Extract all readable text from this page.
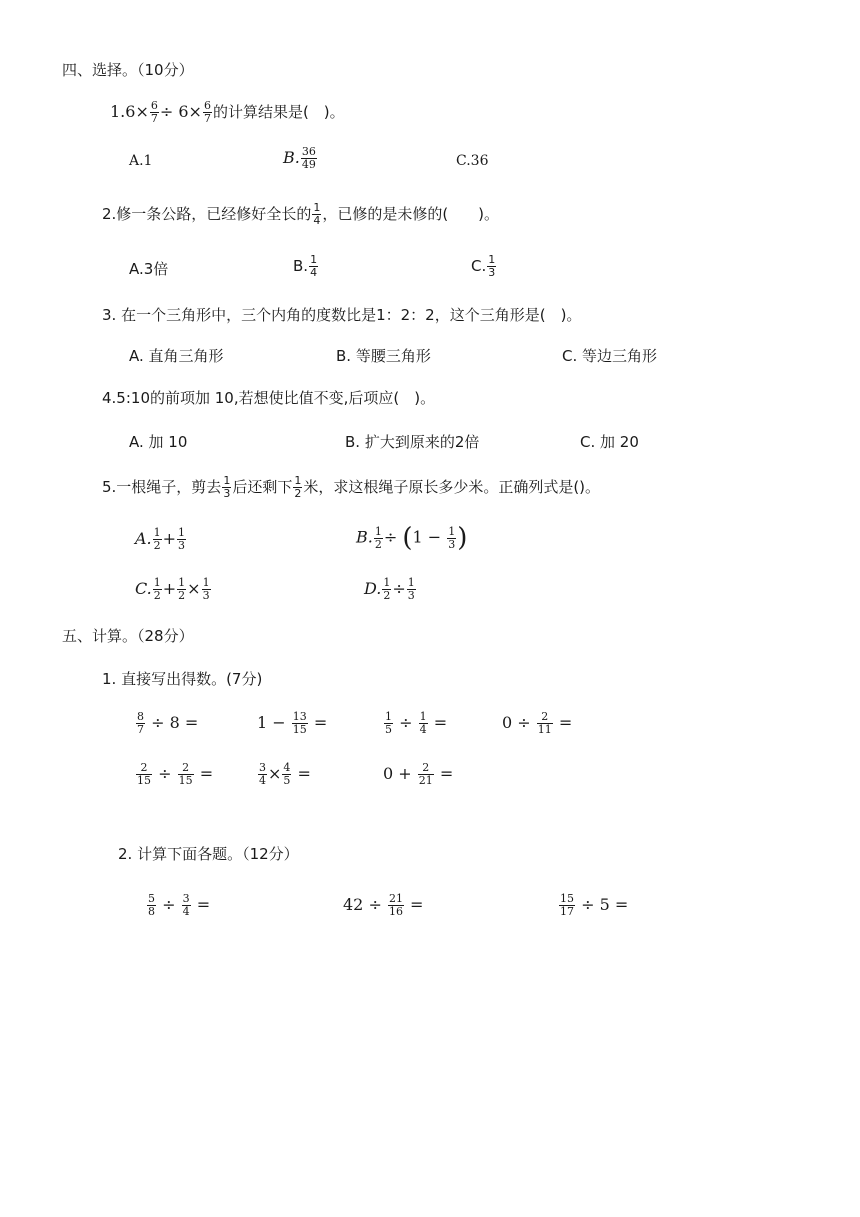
四、选择。（10分）
$1.6\times \frac{6}{7} \div 6\times \frac{6}{7}$ 的计算结果是(　)。
A.1	B. $\frac{36}{49}$	C.36
2.修一条公路，已经修好全长的 $\frac{1}{4}$ ，已修的是未修的(　　)。
A.3倍	B. $\frac{1}{4}$	C. $\frac{1}{3}$
3. 在一个三角形中，三个内角的度数比是1：2：2，这个三角形是(　)。
A. 直角三角形	B. 等腰三角形	C. 等边三角形
4.5:10的前项加 10,若想使比值不变,后项应(　)。
A. 加 10	B. 扩大到原来的2倍	C. 加 20
5.一根绳子，剪去 $\frac{1}{3}$ 后还剩下 $\frac{1}{2}$ 米，求这根绳子原长多少米。正确列式是()。
A. $\frac{1}{2} + \frac{1}{3}$	B. $\frac{1}{2} \div (1 - \frac{1}{3}$ )
C. $\frac{1}{2} + \frac{1}{2} \times \frac{1}{3}$	D. $\frac{1}{2} \div \frac{1}{3}$
五、计算。（28分）
1. 直接写出得数。(7分)
$\frac{8}{7} \div 8$ =	$1 - \frac{13}{15}$ =	$\frac{1}{5} \div \frac{1}{4}$ =	$0 \div \frac{2}{11}$ =
$\frac{2}{15} \div \frac{2}{15}$ =	$\frac{3}{4} \times \frac{4}{5}$ =	$0 + \frac{2}{21}$ =
2. 计算下面各题。（12分）
$\frac{5}{8} \div \frac{3}{4}$ =	$42 \div \frac{21}{16}$ =	$\frac{15}{17} \div 5$ =
